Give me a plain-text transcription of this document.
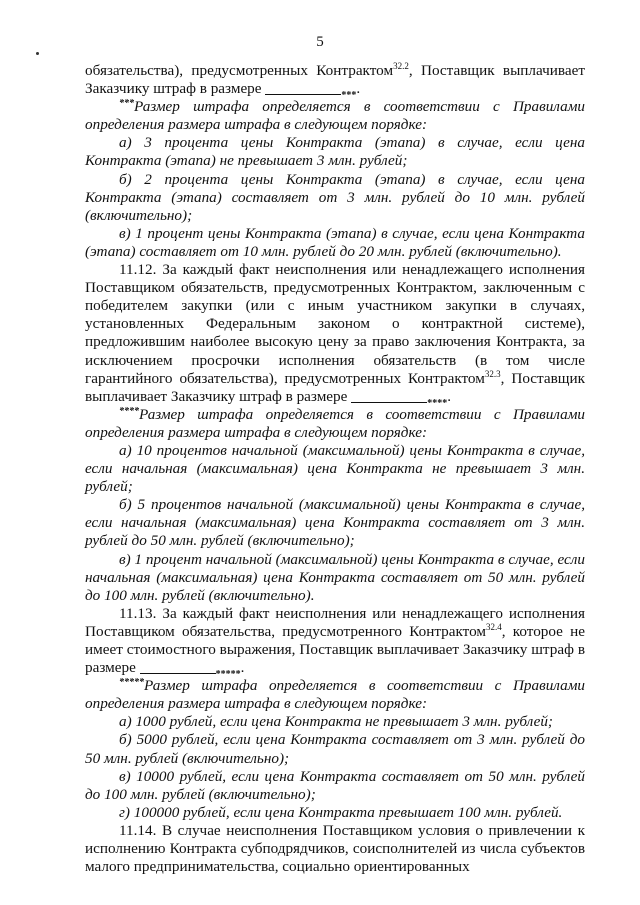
5

обязательства), предусмотренных Контрактом$^{32.2}$, Поставщик выплачивает Заказчику штраф в размере	$_{***}$.

***Размер штрафа определяется в соответствии с Правилами определения размера штрафа в следующем порядке:

а) 3 процента цены Контракта (этапа) в случае, если цена Контракта (этапа) не превышает 3 млн. рублей;

б) 2 процента цены Контракта (этапа) в случае, если цена Контракта (этапа) составляет от 3 млн. рублей до 10 млн. рублей (включительно);

в) 1 процент цены Контракта (этапа) в случае, если цена Контракта (этапа) составляет от 10 млн. рублей до 20 млн. рублей (включительно).

11.12. За каждый факт неисполнения или ненадлежащего исполнения Поставщиком обязательств, предусмотренных Контрактом, заключенным с победителем закупки (или с иным участником закупки в случаях, установленных Федеральным законом о контрактной системе), предложившим наиболее высокую цену за право заключения Контракта, за исключением просрочки исполнения обязательств (в том числе гарантийного обязательства), предусмотренных Контрактом$^{32.3}$, Поставщик выплачивает Заказчику штраф в размере	$_{****}$.

****Размер штрафа определяется в соответствии с Правилами определения размера штрафа в следующем порядке:

а) 10 процентов начальной (максимальной) цены Контракта в случае, если начальная (максимальная) цена Контракта не превышает 3 млн. рублей;

б) 5 процентов начальной (максимальной) цены Контракта в случае, если начальная (максимальная) цена Контракта составляет от 3 млн. рублей до 50 млн. рублей (включительно);

в) 1 процент начальной (максимальной) цены Контракта в случае, если начальная (максимальная) цена Контракта составляет от 50 млн. рублей до 100 млн. рублей (включительно).

11.13. За каждый факт неисполнения или ненадлежащего исполнения Поставщиком обязательства, предусмотренного Контрактом$^{32.4}$, которое не имеет стоимостного выражения, Поставщик выплачивает Заказчику штраф в размере	$_{*****}$.

*****Размер штрафа определяется в соответствии с Правилами определения размера штрафа в следующем порядке:

а) 1000 рублей, если цена Контракта не превышает 3 млн. рублей;

б) 5000 рублей, если цена Контракта составляет от 3 млн. рублей до 50 млн. рублей (включительно);

в) 10000 рублей, если цена Контракта составляет от 50 млн. рублей до 100 млн. рублей (включительно);

г) 100000 рублей, если цена Контракта превышает 100 млн. рублей.

11.14. В случае неисполнения Поставщиком условия о привлечении к исполнению Контракта субподрядчиков, соисполнителей из числа субъектов малого предпринимательства, социально ориентированных
